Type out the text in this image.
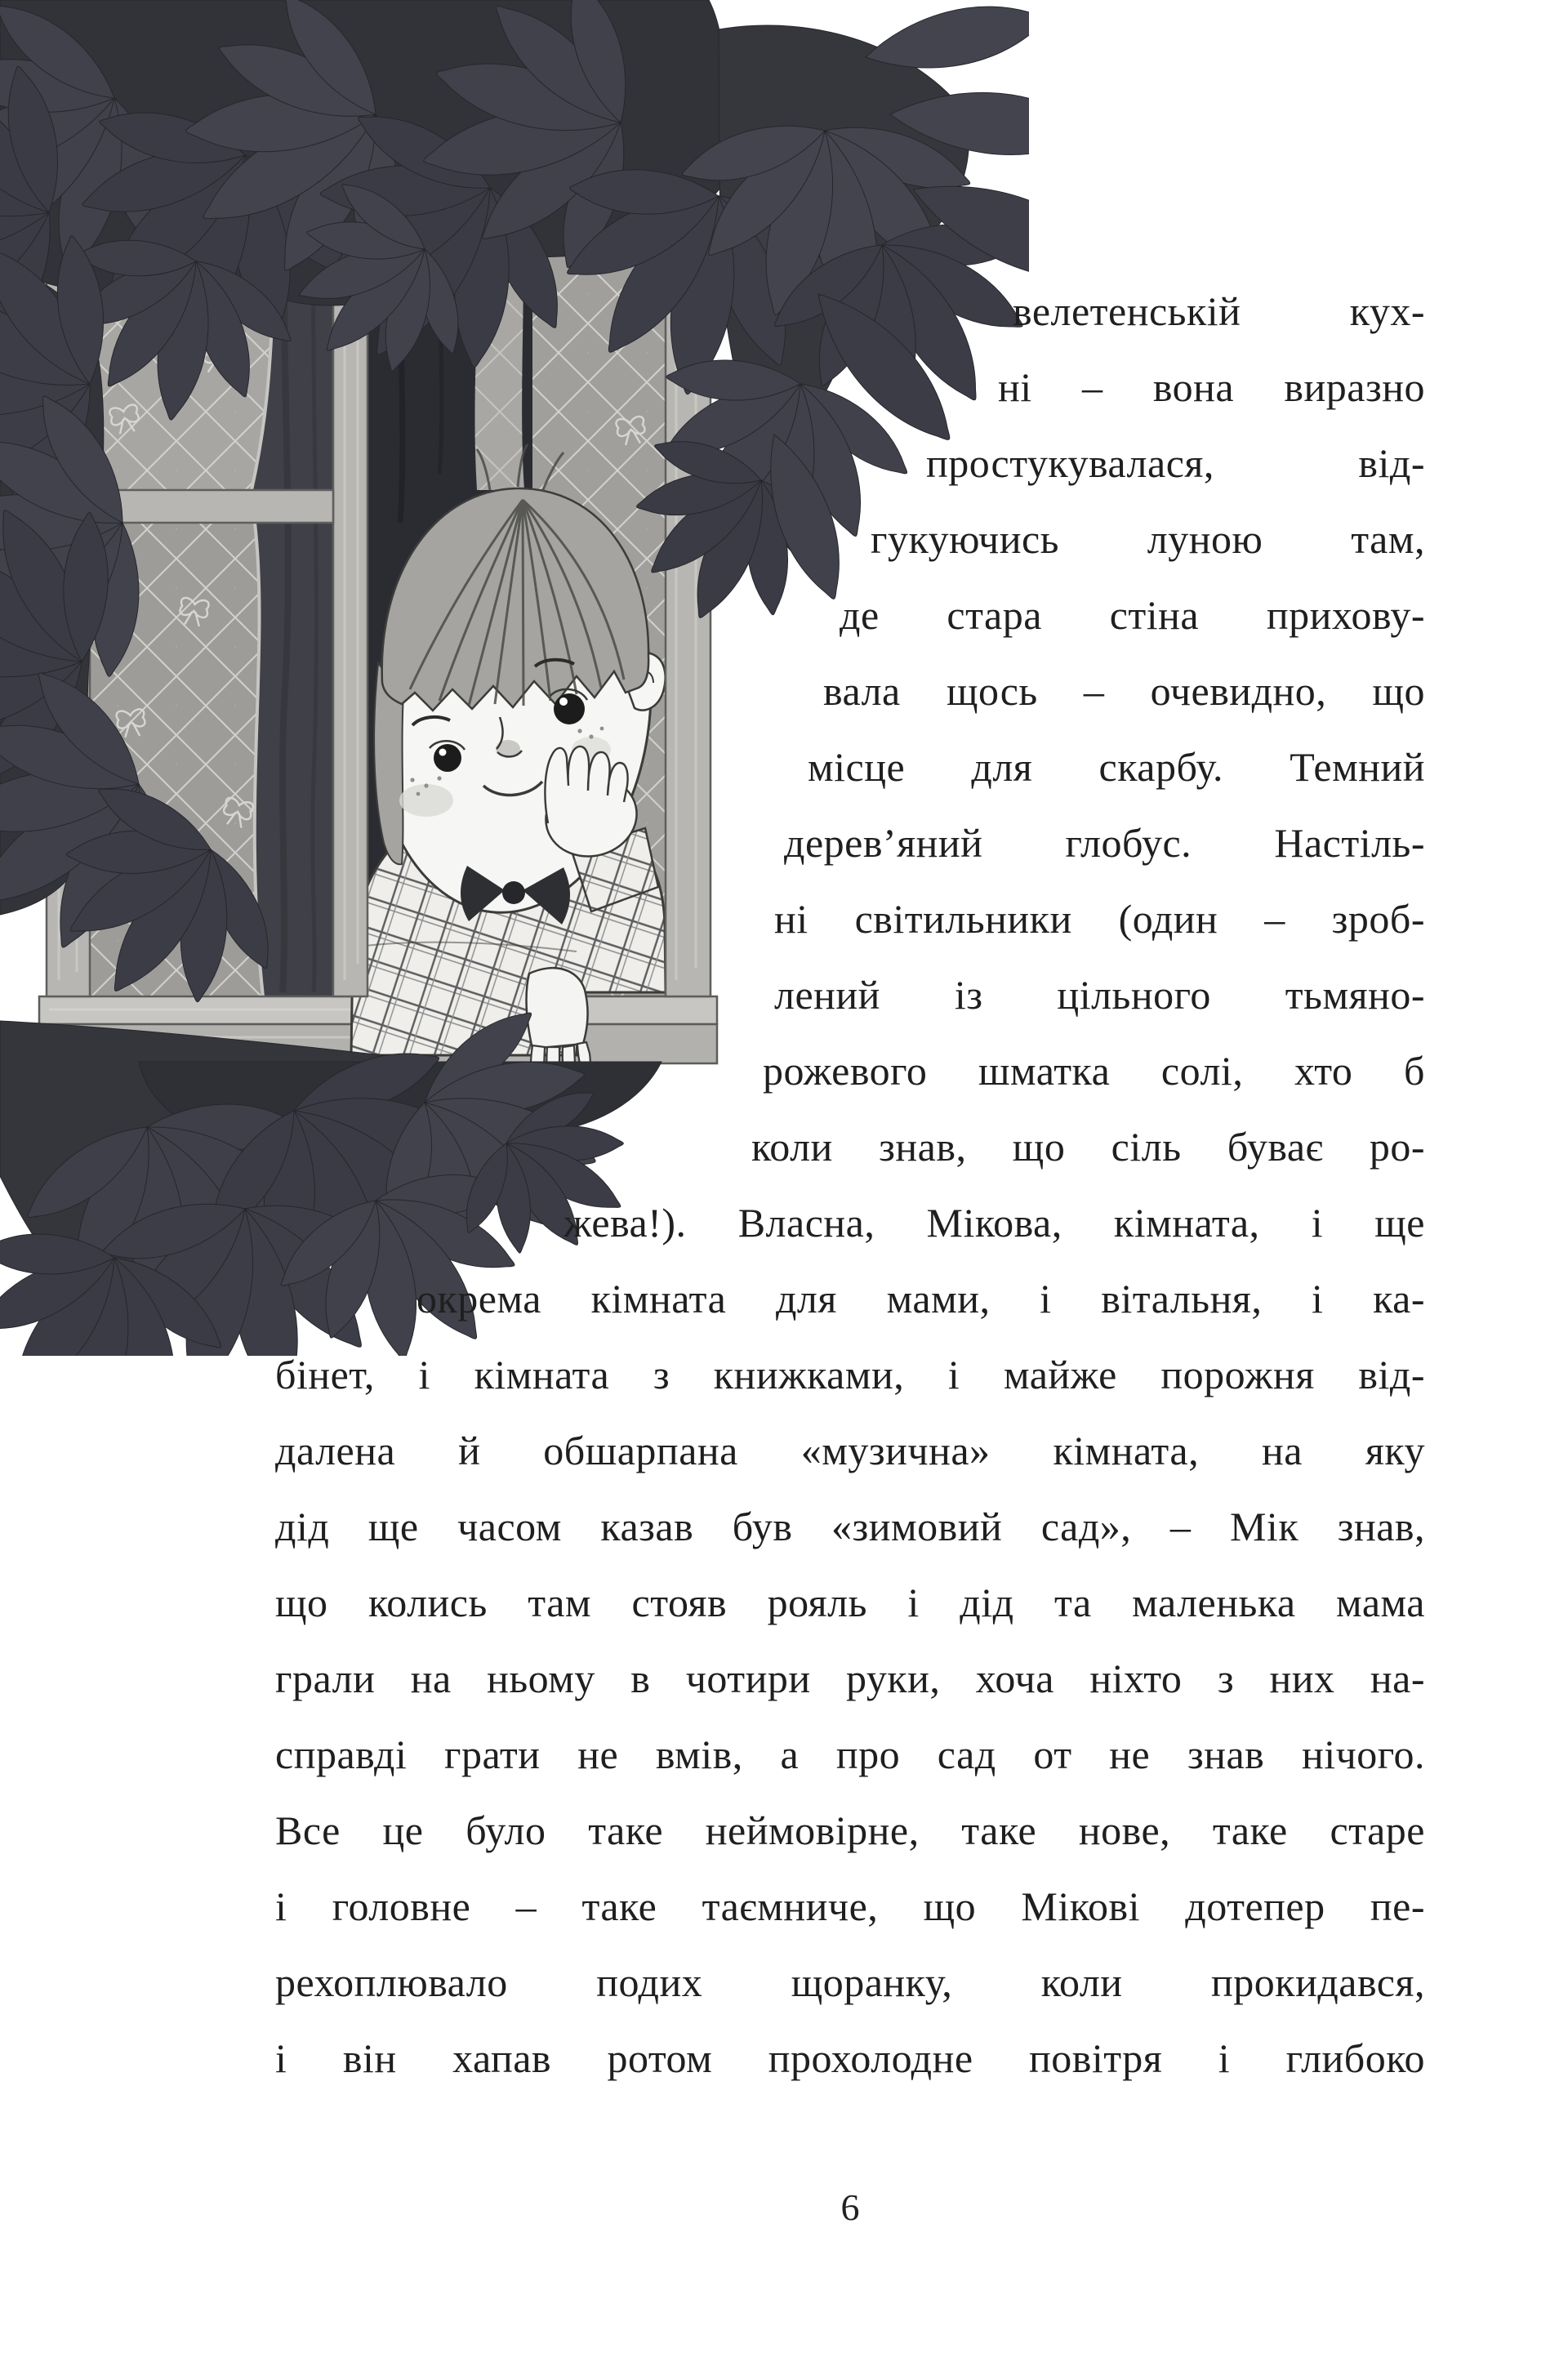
велетенській кух-
ні – вона виразно
простукувалася, від-
гукуючись луною там,
де стара стіна прихову-
вала щось – очевидно, що
місце для скарбу. Темний
дерев’яний глобус. Настіль-
ні світильники (один – зроб-
лений із цільного тьмяно-
рожевого шматка солі, хто б
коли знав, що сіль буває ро-
жева!). Власна, Мікова, кімната, і ще
окрема кімната для мами, і вітальня, і ка-
бінет, і кімната з книжками, і майже порожня від-
далена й обшарпана «музична» кімната, на яку
дід ще часом казав був «зимовий сад», – Мік знав,
що колись там стояв рояль і дід та маленька мама
грали на ньому в чотири руки, хоча ніхто з них на-
справді грати не вмів, а про сад от не знав нічого.
Все це було таке неймовірне, таке нове, таке старе
і головне – таке таємниче, що Мікові дотепер пе-
рехоплювало подих щоранку, коли прокидався,
і він хапав ротом прохолодне повітря і глибоко
6
